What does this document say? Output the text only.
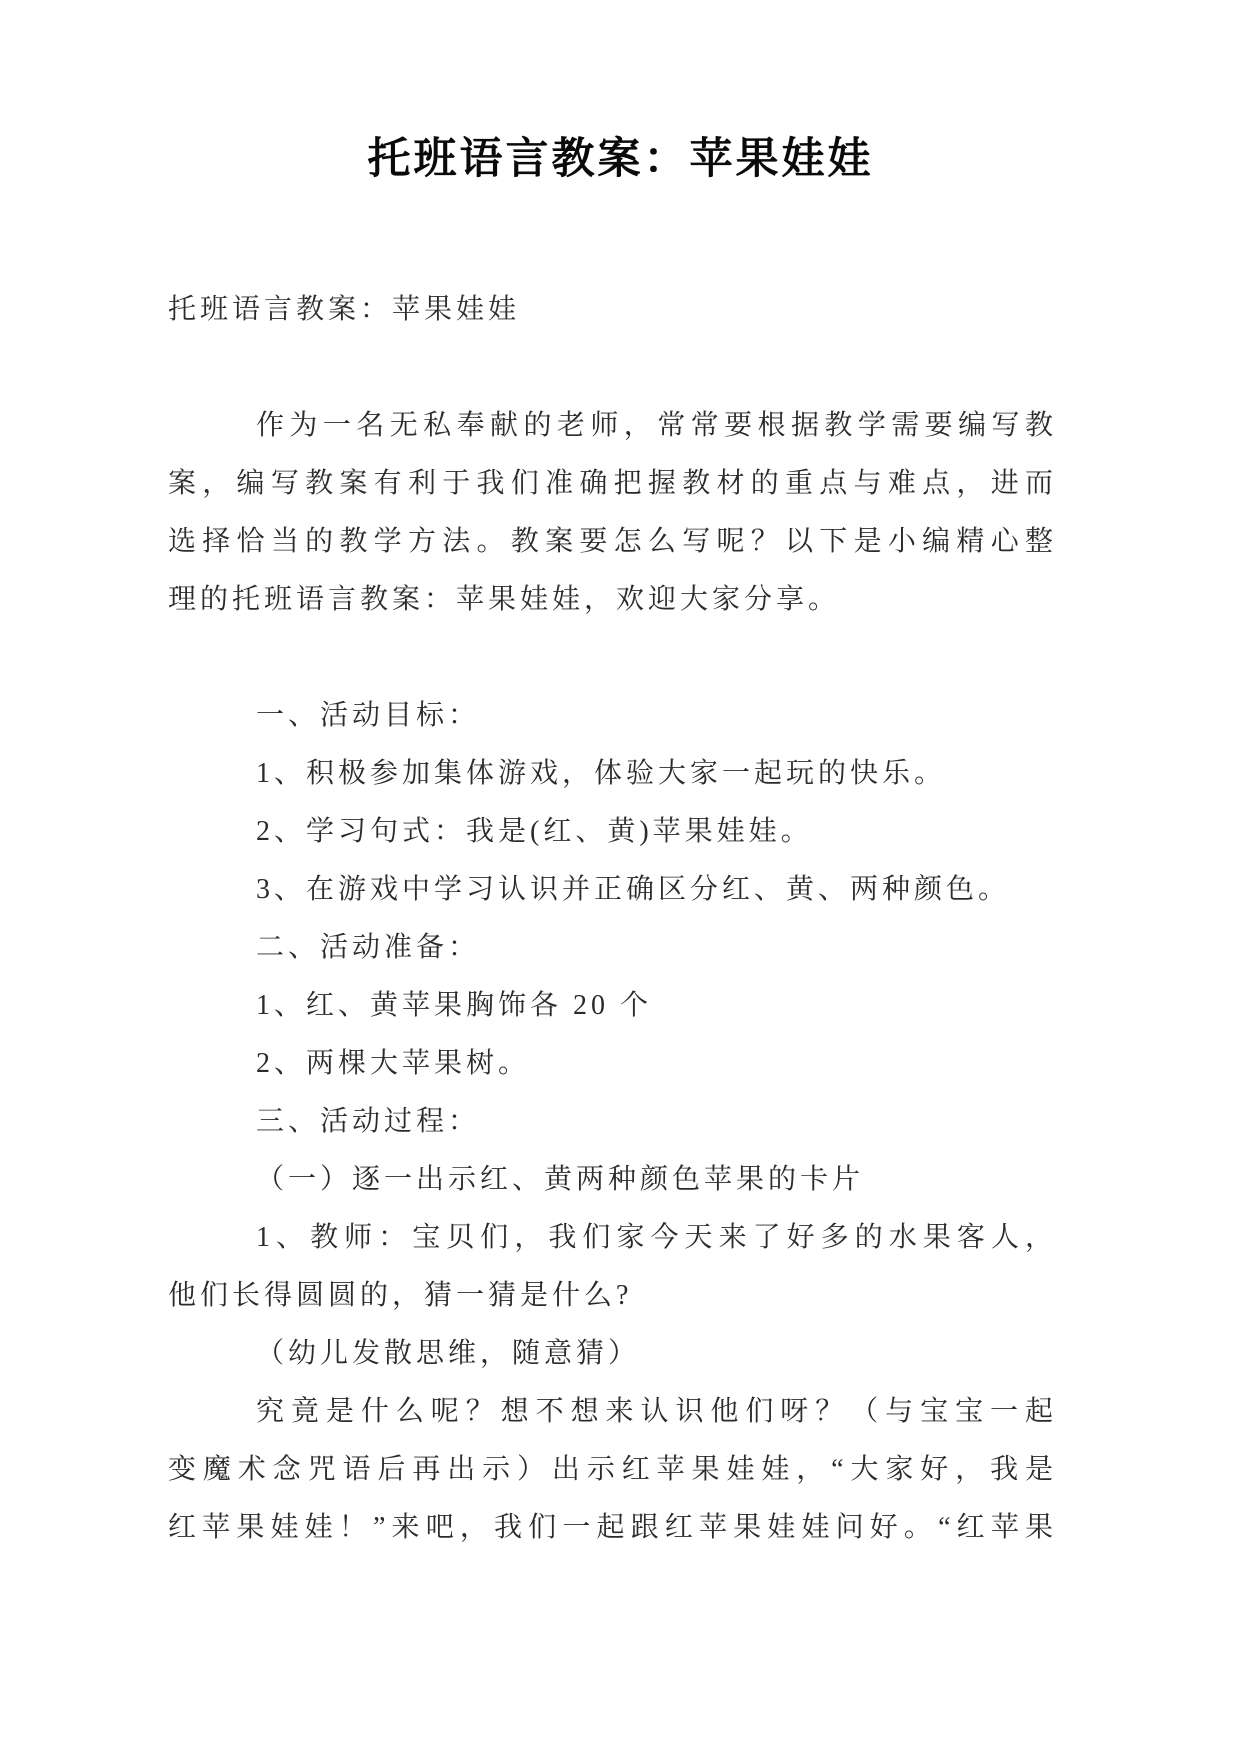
托班语言教案：苹果娃娃
托班语言教案：苹果娃娃
作为一名无私奉献的老师，常常要根据教学需要编写教
案，编写教案有利于我们准确把握教材的重点与难点，进而
选择恰当的教学方法。教案要怎么写呢？以下是小编精心整
理的托班语言教案：苹果娃娃，欢迎大家分享。
一、活动目标：
1、积极参加集体游戏，体验大家一起玩的快乐。
2、学习句式：我是(红、黄)苹果娃娃。
3、在游戏中学习认识并正确区分红、黄、两种颜色。
二、活动准备：
1、红、黄苹果胸饰各 20 个
2、两棵大苹果树。
三、活动过程：
（一）逐一出示红、黄两种颜色苹果的卡片
1、教师：宝贝们，我们家今天来了好多的水果客人，
他们长得圆圆的，猜一猜是什么?
（幼儿发散思维，随意猜）
究竟是什么呢？想不想来认识他们呀？（与宝宝一起
变魔术念咒语后再出示）出示红苹果娃娃，“大家好，我是
红苹果娃娃！”来吧，我们一起跟红苹果娃娃问好。“红苹果
